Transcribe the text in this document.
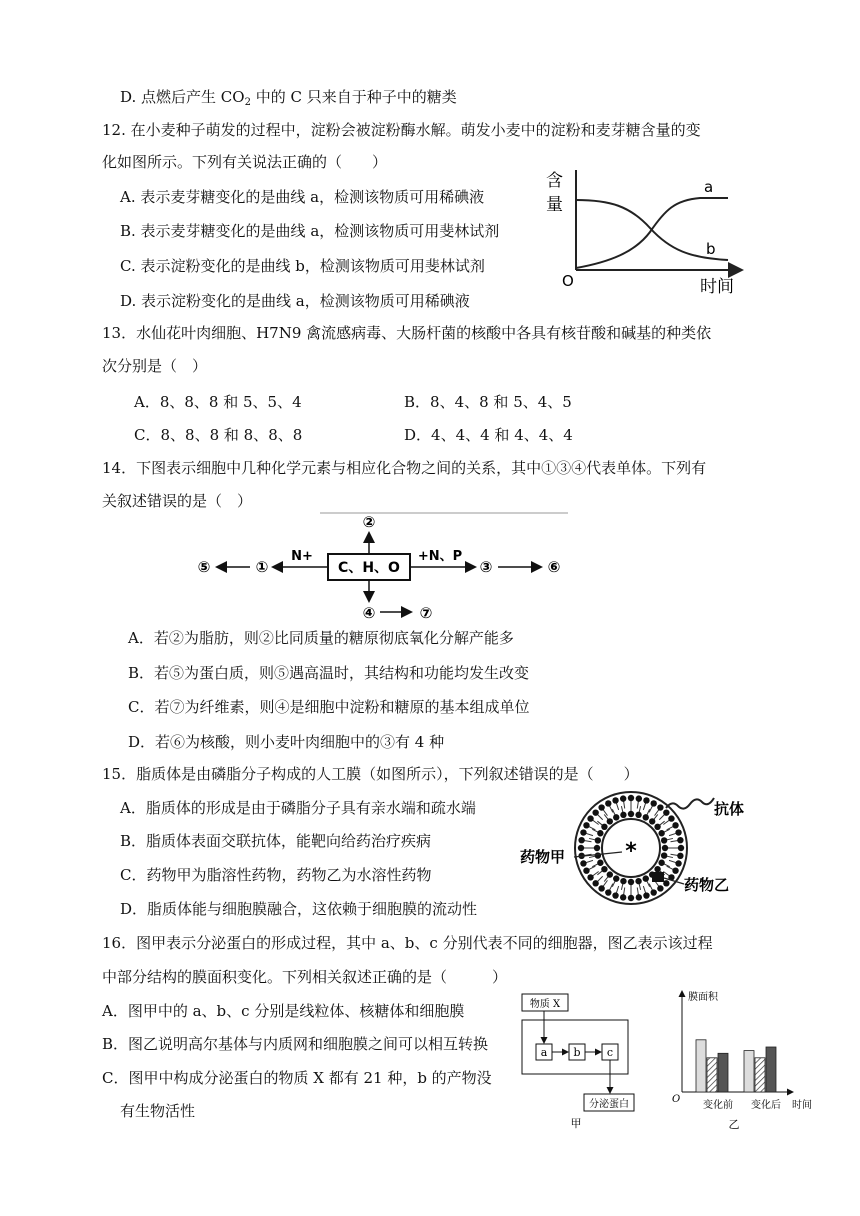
D. 点燃后产生 $CO_2$ 中的 C 只来自于种子中的糖类
12. 在小麦种子萌发的过程中，淀粉会被淀粉酶水解。萌发小麦中的淀粉和麦芽糖含量的变
化如图所示。下列有关说法正确的（　　）
A. 表示麦芽糖变化的是曲线 a，检测该物质可用稀碘液
B. 表示麦芽糖变化的是曲线 a，检测该物质可用斐林试剂
C. 表示淀粉变化的是曲线 b，检测该物质可用斐林试剂
D. 表示淀粉变化的是曲线 a，检测该物质可用稀碘液
含
量
O	时间
a
b
13．水仙花叶肉细胞、H7N9 禽流感病毒、大肠杆菌的核酸中各具有核苷酸和碱基的种类依
次分别是（　）
A．8、8、8 和 5、5、4	B．8、4、8 和 5、4、5
C．8、8、8 和 8、8、8	D．4、4、4 和 4、4、4
14．下图表示细胞中几种化学元素与相应化合物之间的关系，其中①③④代表单体。下列有
关叙述错误的是（　）
C、H、O
②
④	⑦
N+
①
⑤
+N、P
③	⑥
A．若②为脂肪，则②比同质量的糖原彻底氧化分解产能多
B．若⑤为蛋白质，则⑤遇高温时，其结构和功能均发生改变
C．若⑦为纤维素，则④是细胞中淀粉和糖原的基本组成单位
D．若⑥为核酸，则小麦叶肉细胞中的③有 4 种
15．脂质体是由磷脂分子构成的人工膜（如图所示），下列叙述错误的是（　　）
A．脂质体的形成是由于磷脂分子具有亲水端和疏水端
B．脂质体表面交联抗体，能靶向给药治疗疾病
C．药物甲为脂溶性药物，药物乙为水溶性药物
D．脂质体能与细胞膜融合，这依赖于细胞膜的流动性
*
抗体
药物甲
药物乙
16．图甲表示分泌蛋白的形成过程，其中 a、b、c 分别代表不同的细胞器，图乙表示该过程
中部分结构的膜面积变化。下列相关叙述正确的是（　　　）
A．图甲中的 a、b、c 分别是线粒体、核糖体和细胞膜
B．图乙说明高尔基体与内质网和细胞膜之间可以相互转换
C．图甲中构成分泌蛋白的物质 X 都有 21 种，b 的产物没
有生物活性
物质 X
a b c
分泌蛋白
甲
膜面积
O
变化前 变化后 时间
乙
